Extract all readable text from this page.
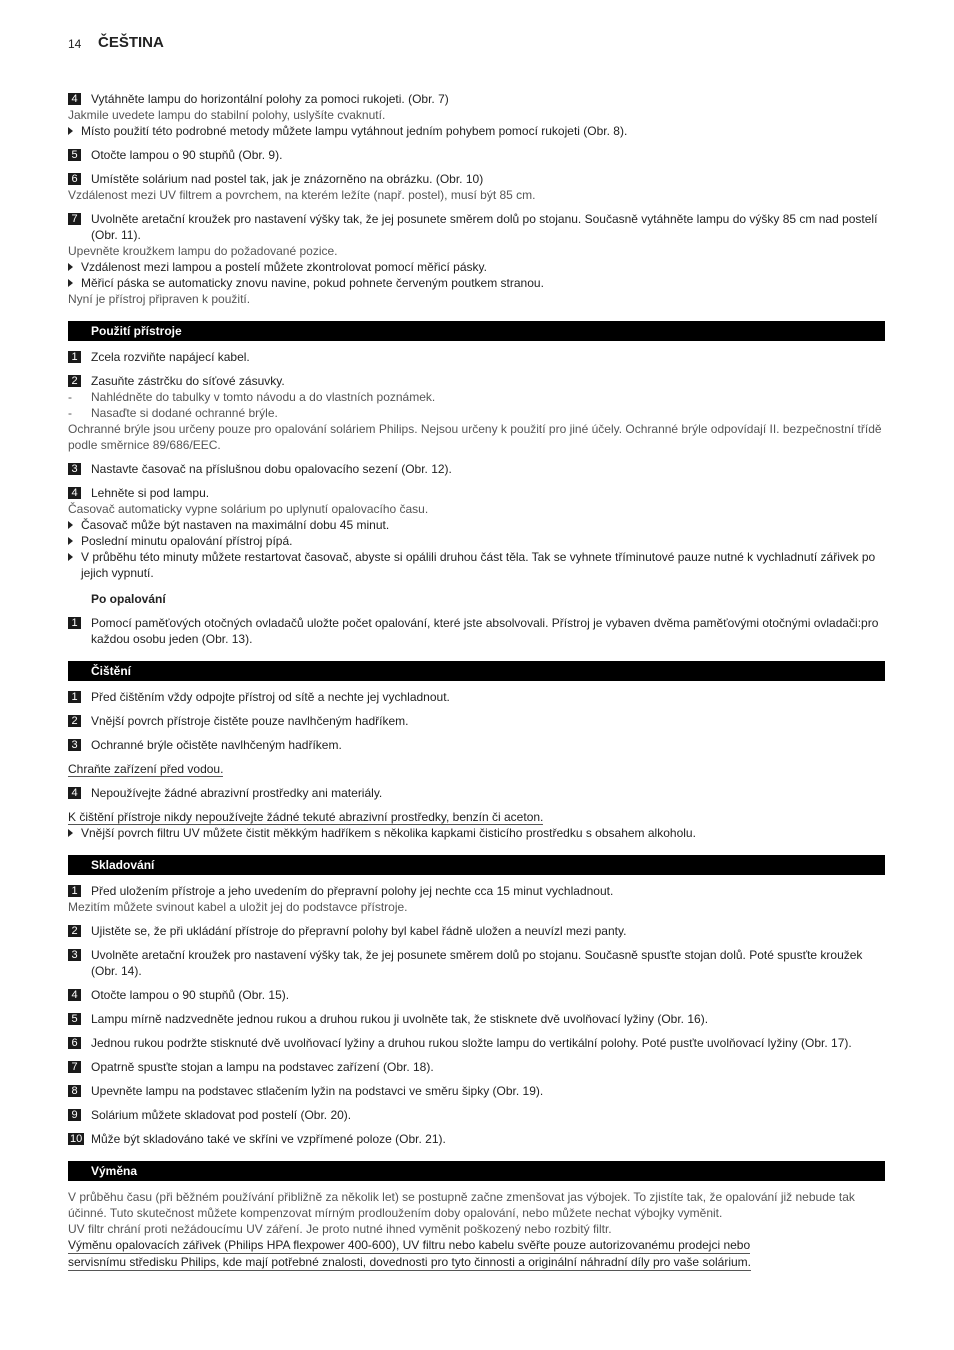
14 ČEŠTINA
4 Vytáhněte lampu do horizontální polohy za pomoci rukojeti. (Obr. 7)
Jakmile uvedete lampu do stabilní polohy, uslyšíte cvaknutí.
Místo použití této podrobné metody můžete lampu vytáhnout jedním pohybem pomocí rukojeti (Obr. 8).
5 Otočte lampou o 90 stupňů (Obr. 9).
6 Umístěte solárium nad postel tak, jak je znázorněno na obrázku. (Obr. 10)
Vzdálenost mezi UV filtrem a povrchem, na kterém ležíte (např. postel), musí být 85 cm.
7 Uvolněte aretační kroužek pro nastavení výšky tak, že jej posunete směrem dolů po stojanu. Současně vytáhněte lampu do výšky 85 cm nad postelí (Obr. 11).
Upevněte kroužkem lampu do požadované pozice.
Vzdálenost mezi lampou a postelí můžete zkontrolovat pomocí měřicí pásky.
Měřicí páska se automaticky znovu navine, pokud pohnete červeným poutkem stranou.
Nyní je přístroj připraven k použití.
Použití přístroje
1 Zcela rozviňte napájecí kabel.
2 Zasuňte zástrčku do síťové zásuvky.
- Nahlédněte do tabulky v tomto návodu a do vlastních poznámek.
- Nasaďte si dodané ochranné brýle.
Ochranné brýle jsou určeny pouze pro opalování soláriem Philips. Nejsou určeny k použití pro jiné účely. Ochranné brýle odpovídají II. bezpečnostní třídě podle směrnice 89/686/EEC.
3 Nastavte časovač na příslušnou dobu opalovacího sezení (Obr. 12).
4 Lehněte si pod lampu.
Časovač automaticky vypne solárium po uplynutí opalovacího času.
Časovač může být nastaven na maximální dobu 45 minut.
Poslední minutu opalování přístroj pípá.
V průběhu této minuty můžete restartovat časovač, abyste si opálili druhou část těla. Tak se vyhnete tříminutové pauze nutné k vychladnutí zářivek po jejich vypnutí.
Po opalování
1 Pomocí paměťových otočných ovladačů uložte počet opalování, které jste absolvovali. Přístroj je vybaven dvěma paměťovými otočnými ovladači:pro každou osobu jeden (Obr. 13).
Čištění
1 Před čištěním vždy odpojte přístroj od sítě a nechte jej vychladnout.
2 Vnější povrch přístroje čistěte pouze navlhčeným hadříkem.
3 Ochranné brýle očistěte navlhčeným hadříkem.
Chraňte zařízení před vodou.
4 Nepoužívejte žádné abrazivní prostředky ani materiály.
K čištění přístroje nikdy nepoužívejte žádné tekuté abrazivní prostředky, benzín či aceton.
Vnější povrch filtru UV můžete čistit měkkým hadříkem s několika kapkami čisticího prostředku s obsahem alkoholu.
Skladování
1 Před uložením přístroje a jeho uvedením do přepravní polohy jej nechte cca 15 minut vychladnout.
Mezitím můžete svinout kabel a uložit jej do podstavce přístroje.
2 Ujistěte se, že při ukládání přístroje do přepravní polohy byl kabel řádně uložen a neuvízl mezi panty.
3 Uvolněte aretační kroužek pro nastavení výšky tak, že jej posunete směrem dolů po stojanu. Současně spusťte stojan dolů. Poté spusťte kroužek (Obr. 14).
4 Otočte lampou o 90 stupňů (Obr. 15).
5 Lampu mírně nadzvedněte jednou rukou a druhou rukou ji uvolněte tak, že stisknete dvě uvolňovací lyžiny (Obr. 16).
6 Jednou rukou podržte stisknuté dvě uvolňovací lyžiny a druhou rukou složte lampu do vertikální polohy. Poté pusťte uvolňovací lyžiny (Obr. 17).
7 Opatrně spusťte stojan a lampu na podstavec zařízení (Obr. 18).
8 Upevněte lampu na podstavec stlačením lyžin na podstavci ve směru šipky (Obr. 19).
9 Solárium můžete skladovat pod postelí (Obr. 20).
10 Může být skladováno také ve skříni ve vzpřímené poloze (Obr. 21).
Výměna
V průběhu času (při běžném používání přibližně za několik let) se postupně začne zmenšovat jas výbojek. To zjistíte tak, že opalování již nebude tak účinné. Tuto skutečnost můžete kompenzovat mírným prodloužením doby opalování, nebo můžete nechat výbojky vyměnit.
UV filtr chrání proti nežádoucímu UV záření. Je proto nutné ihned vyměnit poškozený nebo rozbitý filtr.
Výměnu opalovacích zářivek (Philips HPA flexpower 400-600), UV filtru nebo kabelu svěřte pouze autorizovanému prodejci nebo
servisnímu středisku Philips, kde mají potřebné znalosti, dovednosti pro tyto činnosti a originální náhradní díly pro vaše solárium.
